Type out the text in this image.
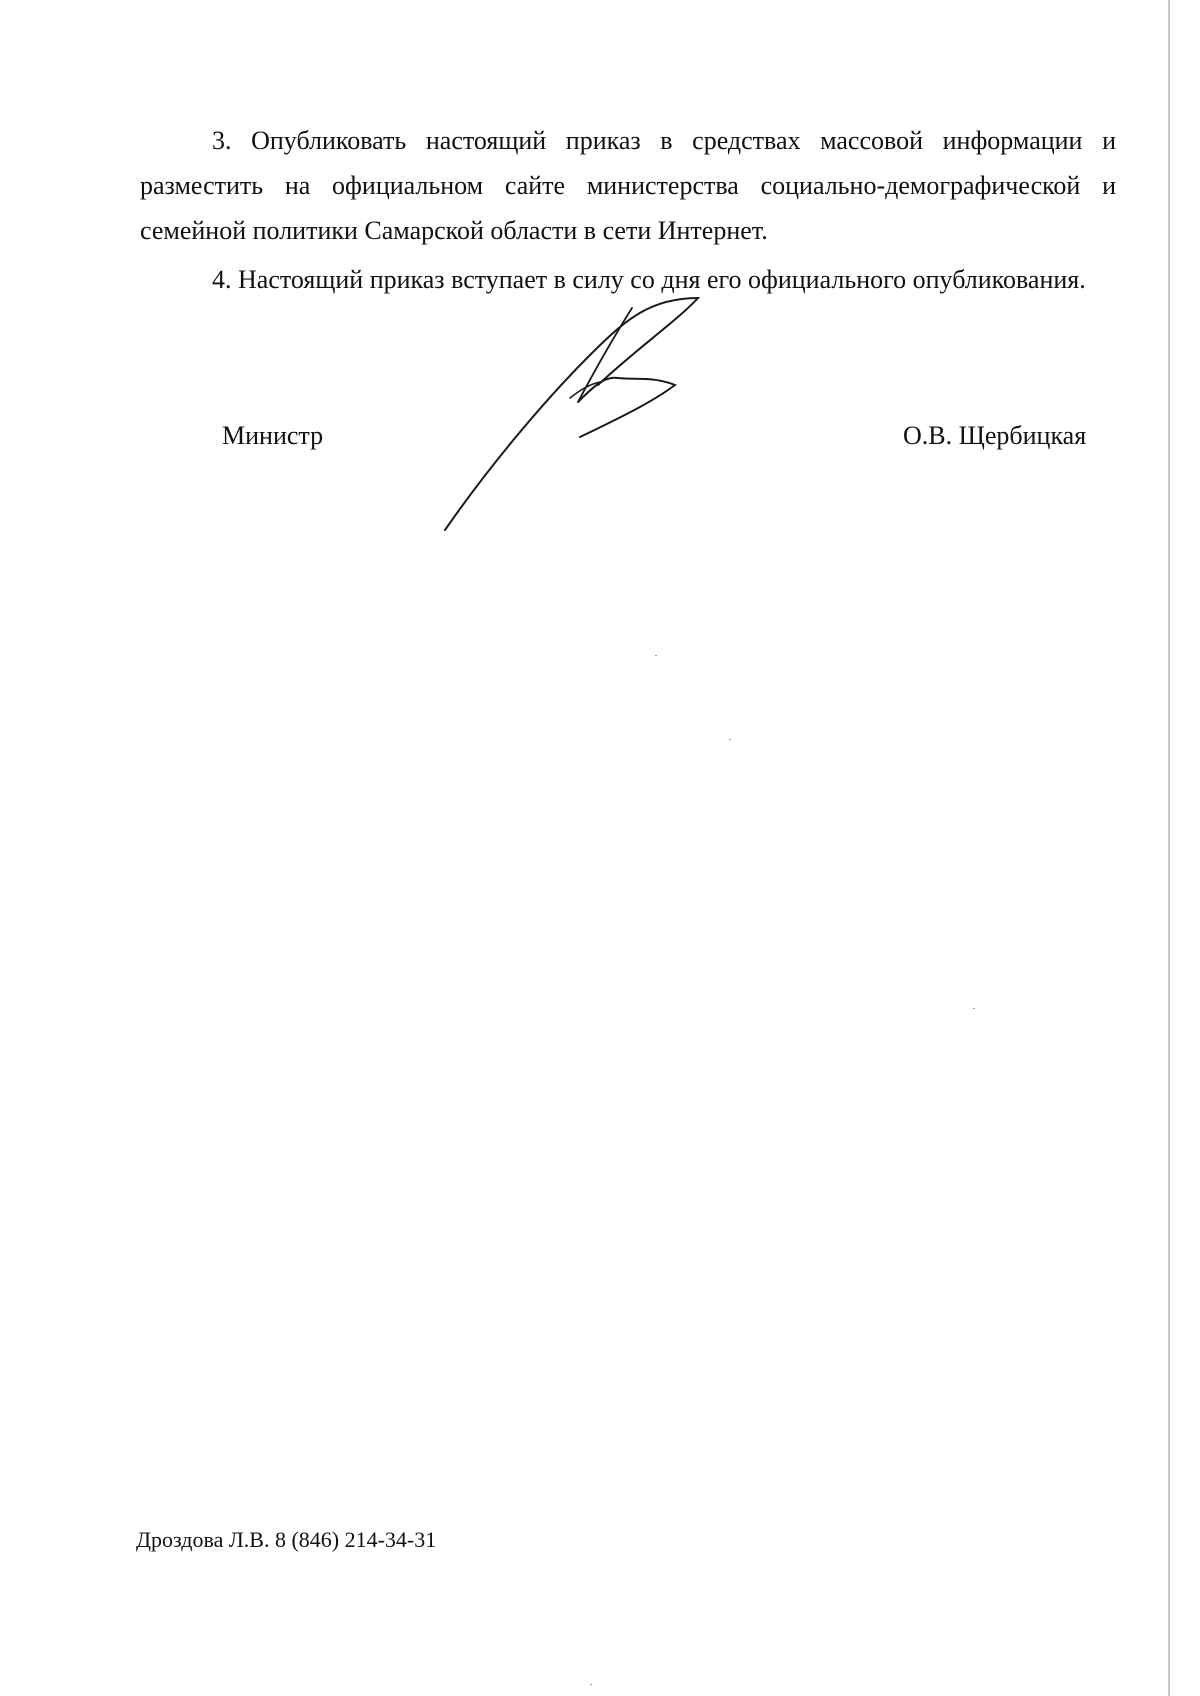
3. Опубликовать настоящий приказ в средствах массовой информации и разместить на официальном сайте министерства социально-демографической и семейной политики Самарской области в сети Интернет.

4. Настоящий приказ вступает в силу со дня его официального опубликования.

Министр	О.В. Щербицкая
Дроздова Л.В. 8 (846) 214-34-31
